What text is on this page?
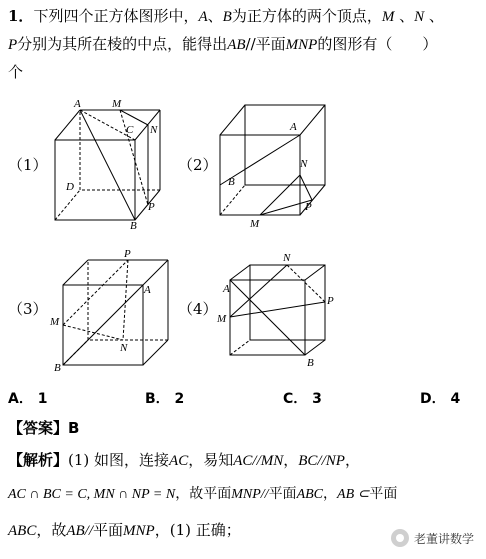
1．下列四个正方体图形中，A、B为正方体的两个顶点，M 、N 、
P分别为其所在棱的中点，能得出AB//平面MNP的图形有（　　）
个
（1）	（2）
（3）	（4）
A	M
C N
D
P
B
A
N
B
P
M
P
A
M
N
B
N
A
P
M
B
A． 1	B． 2	C． 3	D． 4
【答案】B
【解析】(1) 如图，连接AC，易知AC//MN，BC//NP，
AC ∩ BC = C, MN ∩ NP = N，故平面MNP//平面ABC，AB ⊂平面
ABC，故AB//平面MNP，(1) 正确；	老董讲数学
